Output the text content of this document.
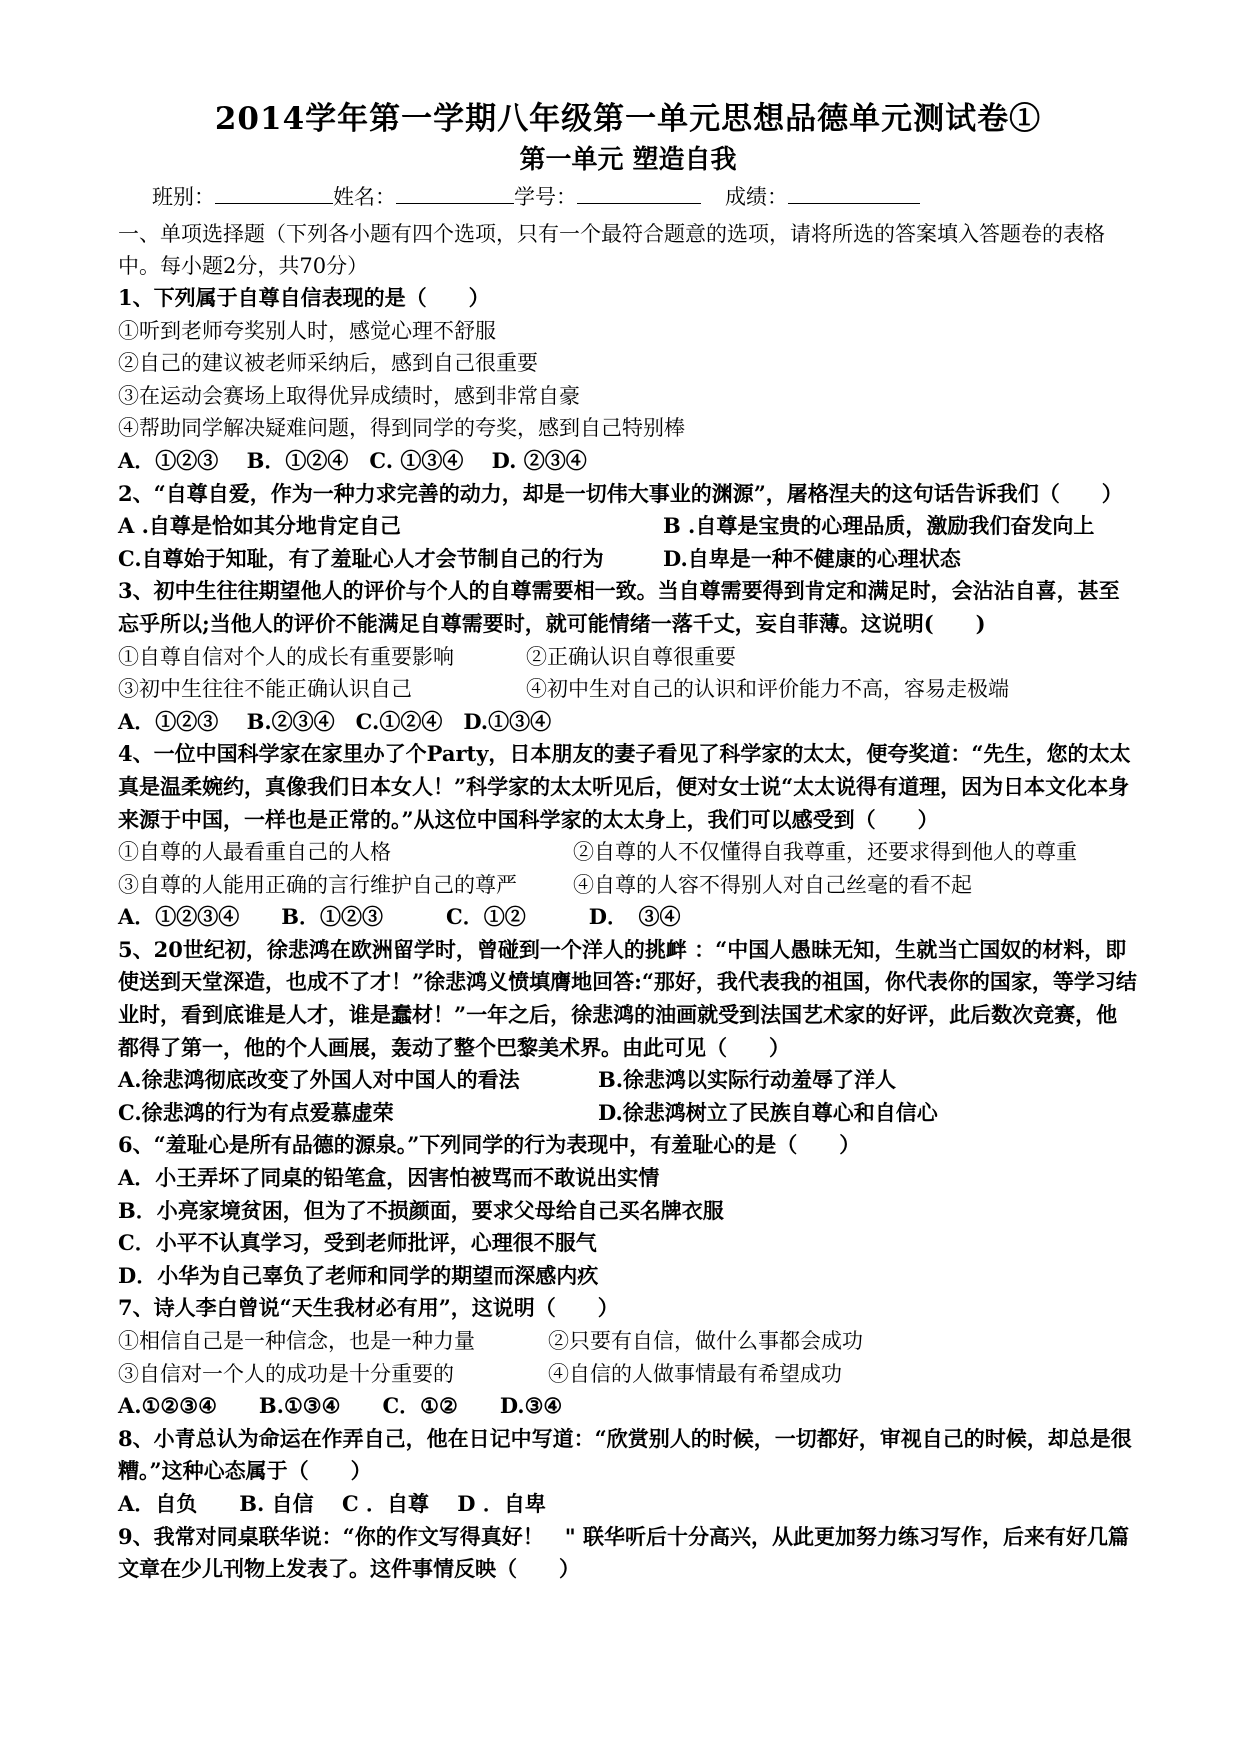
2014学年第一学期八年级第一单元思想品德单元测试卷①
第一单元 塑造自我
班别：	姓名：	学号：	成绩：
一、单项选择题（下列各小题有四个选项，只有一个最符合题意的选项，请将所选的答案填入答题卷的表格中。每小题2分，共70分）
1、下列属于自尊自信表现的是（　　）
①听到老师夸奖别人时，感觉心理不舒服
②自己的建议被老师采纳后，感到自己很重要
③在运动会赛场上取得优异成绩时，感到非常自豪
④帮助同学解决疑难问题，得到同学的夸奖，感到自己特别棒
A．①②③　 B．①②④　C. ①③④　 D. ②③④
2、“自尊自爱，作为一种力求完善的动力，却是一切伟大事业的渊源”，屠格涅夫的这句话告诉我们（　　）
A .自尊是恰如其分地肯定自己	B .自尊是宝贵的心理品质，激励我们奋发向上
C.自尊始于知耻，有了羞耻心人才会节制自己的行为	D.自卑是一种不健康的心理状态
3、初中生往往期望他人的评价与个人的自尊需要相一致。当自尊需要得到肯定和满足时，会沾沾自喜，甚至忘乎所以;当他人的评价不能满足自尊需要时，就可能情绪一落千丈，妄自菲薄。这说明(　　)
①自尊自信对个人的成长有重要影响	②正确认识自尊很重要
③初中生往往不能正确认识自己	④初中生对自己的认识和评价能力不高，容易走极端
A．①②③　 B.②③④　C.①②④　D.①③④
4、一位中国科学家在家里办了个Party，日本朋友的妻子看见了科学家的太太，便夸奖道：“先生，您的太太真是温柔婉约，真像我们日本女人！”科学家的太太听见后，便对女士说“太太说得有道理，因为日本文化本身来源于中国，一样也是正常的。”从这位中国科学家的太太身上，我们可以感受到（　　）
①自尊的人最看重自己的人格	②自尊的人不仅懂得自我尊重，还要求得到他人的尊重
③自尊的人能用正确的言行维护自己的尊严	④自尊的人容不得别人对自己丝毫的看不起
A．①②③④　　B．①②③　　　C．①②　　　D．　③④
5、20世纪初，徐悲鸿在欧洲留学时，曾碰到一个洋人的挑衅 ：“中国人愚昧无知，生就当亡国奴的材料，即使送到天堂深造，也成不了才！”徐悲鸿义愤填膺地回答:“那好，我代表我的祖国，你代表你的国家，等学习结业时，看到底谁是人才，谁是蠢材！”一年之后，徐悲鸿的油画就受到法国艺术家的好评，此后数次竞赛，他都得了第一，他的个人画展，轰动了整个巴黎美术界。由此可见（　　）
A.徐悲鸿彻底改变了外国人对中国人的看法	B.徐悲鸿以实际行动羞辱了洋人
C.徐悲鸿的行为有点爱慕虚荣	D.徐悲鸿树立了民族自尊心和自信心
6、“羞耻心是所有品德的源泉。”下列同学的行为表现中，有羞耻心的是（　　）
A．小王弄坏了同桌的铅笔盒，因害怕被骂而不敢说出实情
B．小亮家境贫困，但为了不损颜面，要求父母给自己买名牌衣服
C．小平不认真学习，受到老师批评，心理很不服气
D．小华为自己辜负了老师和同学的期望而深感内疚
7、诗人李白曾说“天生我材必有用”，这说明（　　）
①相信自己是一种信念，也是一种力量	②只要有自信，做什么事都会成功
③自信对一个人的成功是十分重要的	④自信的人做事情最有希望成功
A.①②③④　　B.①③④　　C．①②　　D.③④
8、小青总认为命运在作弄自己，他在日记中写道：“欣赏别人的时候，一切都好，审视自己的时候，却总是很糟。”这种心态属于（　　）
A．自负　　B. 自信　 C ．自尊　 D ．自卑
9、我常对同桌联华说：“你的作文写得真好！　" 联华听后十分高兴，从此更加努力练习写作，后来有好几篇文章在少儿刊物上发表了。这件事情反映（　　）
